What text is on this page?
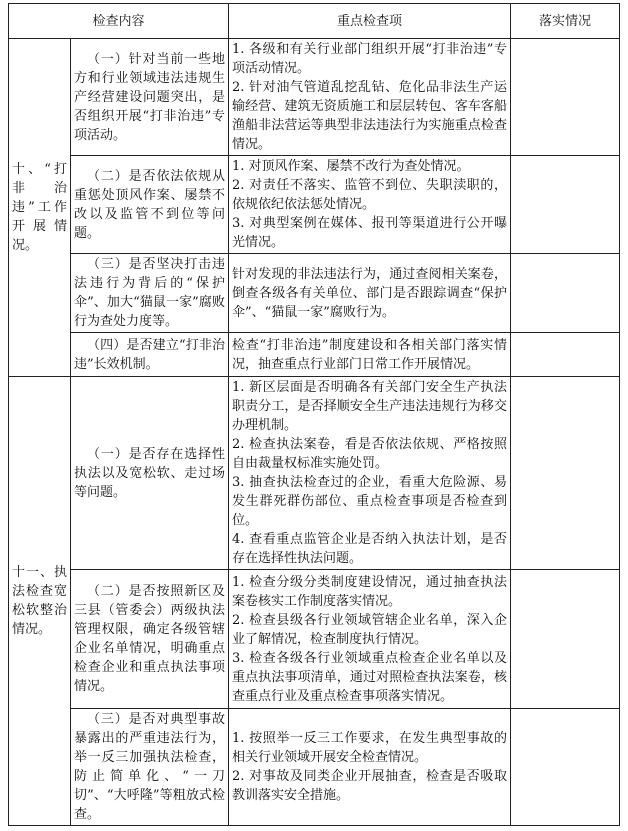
检查内容		重点检查项	落实情况
十、“打非治违”工作开展情况。	（一）针对当前一些地方和行业领域违法违规生产经营建设问题突出，是否组织开展“打非治违”专项活动。	1. 各级和有关行业部门组织开展“打非治违”专项活动情况。
2. 针对油气管道乱挖乱钻、危化品非法生产运输经营、建筑无资质施工和层层转包、客车客船渔船非法营运等典型非法违法行为实施重点检查情况。	

	（二）是否依法依规从重惩处顶风作案、屡禁不改以及监管不到位等问题。	1. 对顶风作案、屡禁不改行为查处情况。
2. 对责任不落实、监管不到位、失职渎职的，依规依纪依法惩处情况。
3. 对典型案例在媒体、报刊等渠道进行公开曝光情况。	

	（三）是否坚决打击违法违行为背后的“保护伞”、加大“猫鼠一家”腐败行为查处力度等。	针对发现的非法违法行为，通过查阅相关案卷，倒查各级各有关单位、部门是否跟踪调查“保护伞”、“猫鼠一家”腐败行为。	

	（四）是否建立“打非治违”长效机制。	检查“打非治违”制度建设和各相关部门落实情况，抽查重点行业部门日常工作开展情况。	

十一、执法检查宽松软整治情况。	（一）是否存在选择性执法以及宽松软、走过场等问题。	1. 新区层面是否明确各有关部门安全生产执法职责分工，是否择顺安全生产违法违规行为移交办理机制。
2. 检查执法案卷，看是否依法依规、严格按照自由裁量权标准实施处罚。
3. 抽查执法检查过的企业，看重大危险源、易发生群死群伤部位、重点检查事项是否检查到位。
4. 查看重点监管企业是否纳入执法计划，是否存在选择性执法问题。	

	（二）是否按照新区及三县（管委会）两级执法管理权限，确定各级管辖企业名单情况，明确重点检查企业和重点执法事项情况。	1. 检查分级分类制度建设情况，通过抽查执法案卷核实工作制度落实情况。
2. 检查县级各行业领域管辖企业名单，深入企业了解情况，检查制度执行情况。
3. 检查各级各行业领域重点检查企业名单以及重点执法事项清单，通过对照检查执法案卷，核查重点行业及重点检查事项落实情况。	

	（三）是否对典型事故暴露出的严重违法行为，举一反三加强执法检查，防止简单化、“一刀切”、“大呼隆”等粗放式检查。	1. 按照举一反三工作要求，在发生典型事故的相关行业领域开展安全检查情况。
2. 对事故及同类企业开展抽查，检查是否吸取教训落实安全措施。	
